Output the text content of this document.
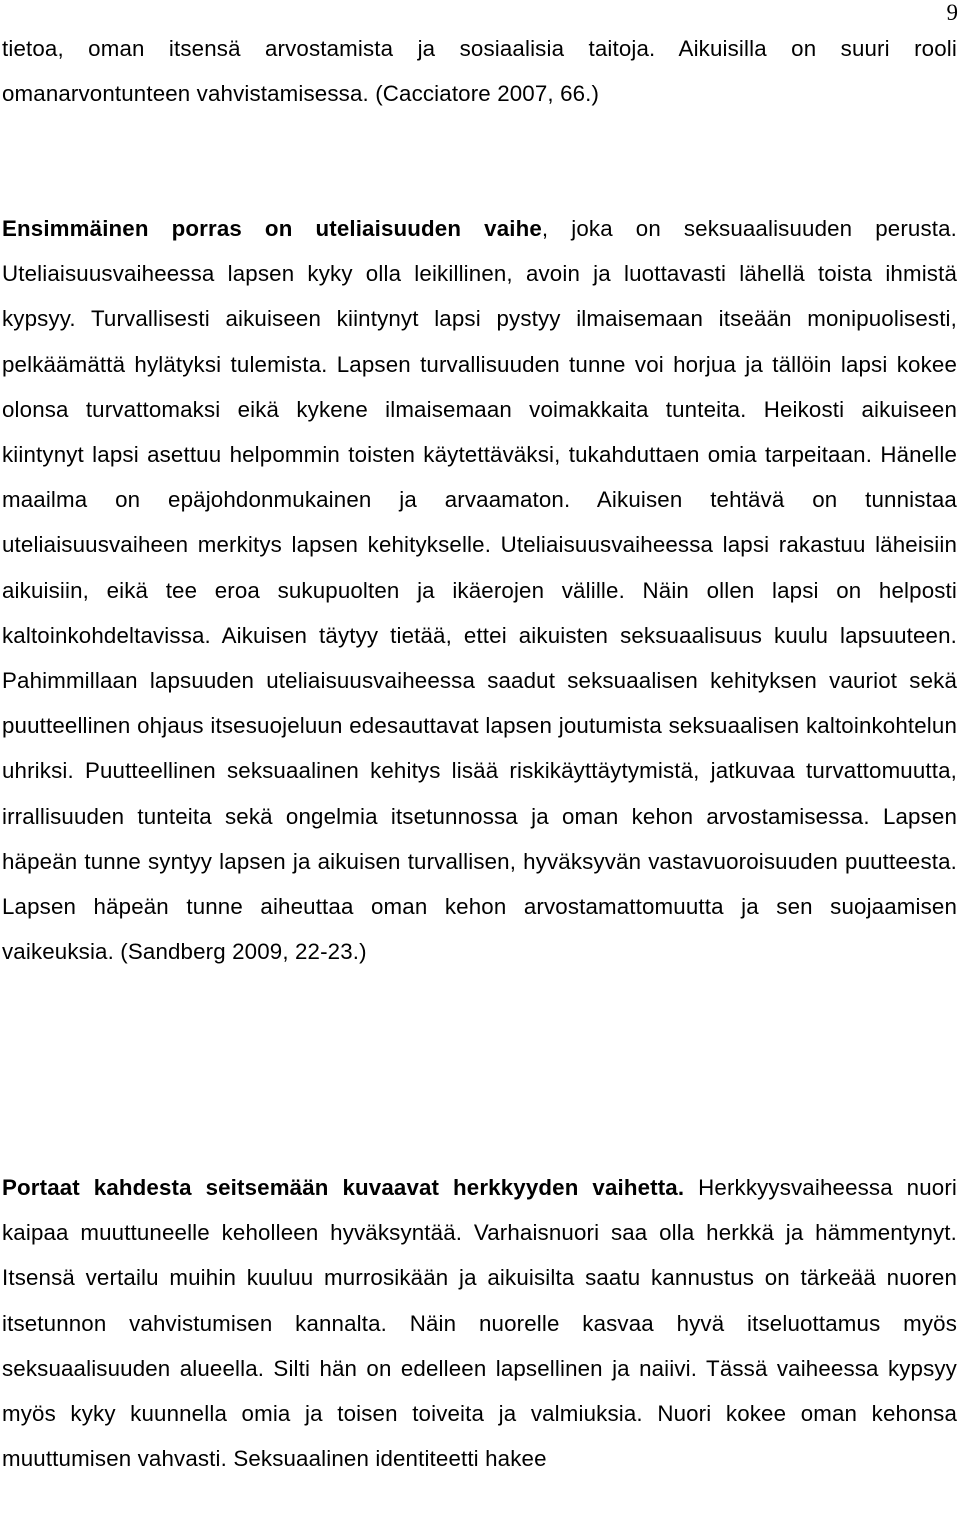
9

tietoa, oman itsensä arvostamista ja sosiaalisia taitoja. Aikuisilla on suuri rooli omanarvontunteen vahvistamisessa. (Cacciatore 2007, 66.)

Ensimmäinen porras on uteliaisuuden vaihe, joka on seksuaalisuuden perusta. Uteliaisuusvaiheessa lapsen kyky olla leikillinen, avoin ja luottavasti lähellä toista ihmistä kypsyy. Turvallisesti aikuiseen kiintynyt lapsi pystyy ilmaisemaan itseään monipuolisesti, pelkäämättä hylätyksi tulemista. Lapsen turvallisuuden tunne voi horjua ja tällöin lapsi kokee olonsa turvattomaksi eikä kykene ilmaisemaan voimakkaita tunteita. Heikosti aikuiseen kiintynyt lapsi asettuu helpommin toisten käytettäväksi, tukahduttaen omia tarpeitaan. Hänelle maailma on epäjohdonmukainen ja arvaamaton. Aikuisen tehtävä on tunnistaa uteliaisuusvaiheen merkitys lapsen kehitykselle. Uteliaisuusvaiheessa lapsi rakastuu läheisiin aikuisiin, eikä tee eroa sukupuolten ja ikäerojen välille. Näin ollen lapsi on helposti kaltoinkohdeltavissa. Aikuisen täytyy tietää, ettei aikuisten seksuaalisuus kuulu lapsuuteen. Pahimmillaan lapsuuden uteliaisuusvaiheessa saadut seksuaalisen kehityksen vauriot sekä puutteellinen ohjaus itsesuojeluun edesauttavat lapsen joutumista seksuaalisen kaltoinkohtelun uhriksi. Puutteellinen seksuaalinen kehitys lisää riskikäyttäytymistä, jatkuvaa turvattomuutta, irrallisuuden tunteita sekä ongelmia itsetunnossa ja oman kehon arvostamisessa. Lapsen häpeän tunne syntyy lapsen ja aikuisen turvallisen, hyväksyvän vastavuoroisuuden puutteesta. Lapsen häpeän tunne aiheuttaa oman kehon arvostamattomuutta ja sen suojaamisen vaikeuksia. (Sandberg 2009, 22-23.)

Portaat kahdesta seitsemään kuvaavat herkkyyden vaihetta. Herkkyysvaiheessa nuori kaipaa muuttuneelle keholleen hyväksyntää. Varhaisnuori saa olla herkkä ja hämmentynyt. Itsensä vertailu muihin kuuluu murrosikään ja aikuisilta saatu kannustus on tärkeää nuoren itsetunnon vahvistumisen kannalta. Näin nuorelle kasvaa hyvä itseluottamus myös seksuaalisuuden alueella. Silti hän on edelleen lapsellinen ja naiivi. Tässä vaiheessa kypsyy myös kyky kuunnella omia ja toisen toiveita ja valmiuksia. Nuori kokee oman kehonsa muuttumisen vahvasti. Seksuaalinen identiteetti hakee
